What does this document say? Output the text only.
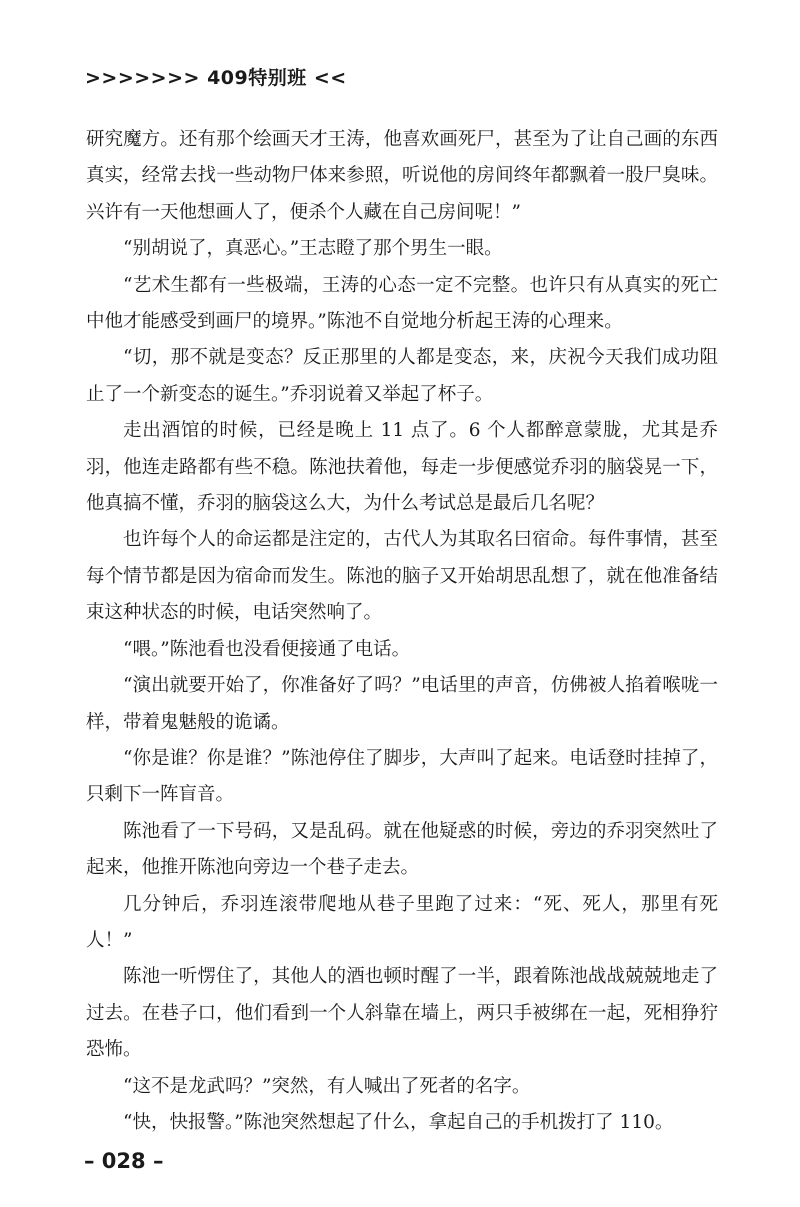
>>>>>>> 409特别班 <<

研究魔方。还有那个绘画天才王涛，他喜欢画死尸，甚至为了让自己画的东西真实，经常去找一些动物尸体来参照，听说他的房间终年都飘着一股尸臭味。兴许有一天他想画人了，便杀个人藏在自己房间呢！”

“别胡说了，真恶心。”王志瞪了那个男生一眼。

“艺术生都有一些极端，王涛的心态一定不完整。也许只有从真实的死亡中他才能感受到画尸的境界。”陈池不自觉地分析起王涛的心理来。

“切，那不就是变态？反正那里的人都是变态，来，庆祝今天我们成功阻止了一个新变态的诞生。”乔羽说着又举起了杯子。

走出酒馆的时候，已经是晚上 11 点了。6 个人都醉意蒙胧，尤其是乔羽，他连走路都有些不稳。陈池扶着他，每走一步便感觉乔羽的脑袋晃一下，他真搞不懂，乔羽的脑袋这么大，为什么考试总是最后几名呢？

也许每个人的命运都是注定的，古代人为其取名曰宿命。每件事情，甚至每个情节都是因为宿命而发生。陈池的脑子又开始胡思乱想了，就在他准备结束这种状态的时候，电话突然响了。

“喂。”陈池看也没看便接通了电话。

“演出就要开始了，你准备好了吗？”电话里的声音，仿佛被人掐着喉咙一样，带着鬼魅般的诡谲。

“你是谁？你是谁？”陈池停住了脚步，大声叫了起来。电话登时挂掉了，只剩下一阵盲音。

陈池看了一下号码，又是乱码。就在他疑惑的时候，旁边的乔羽突然吐了起来，他推开陈池向旁边一个巷子走去。

几分钟后，乔羽连滚带爬地从巷子里跑了过来：“死、死人，那里有死人！”

陈池一听愣住了，其他人的酒也顿时醒了一半，跟着陈池战战兢兢地走了过去。在巷子口，他们看到一个人斜靠在墙上，两只手被绑在一起，死相狰狞恐怖。

“这不是龙武吗？”突然，有人喊出了死者的名字。

“快，快报警。”陈池突然想起了什么，拿起自己的手机拨打了 110。

– 028 –
